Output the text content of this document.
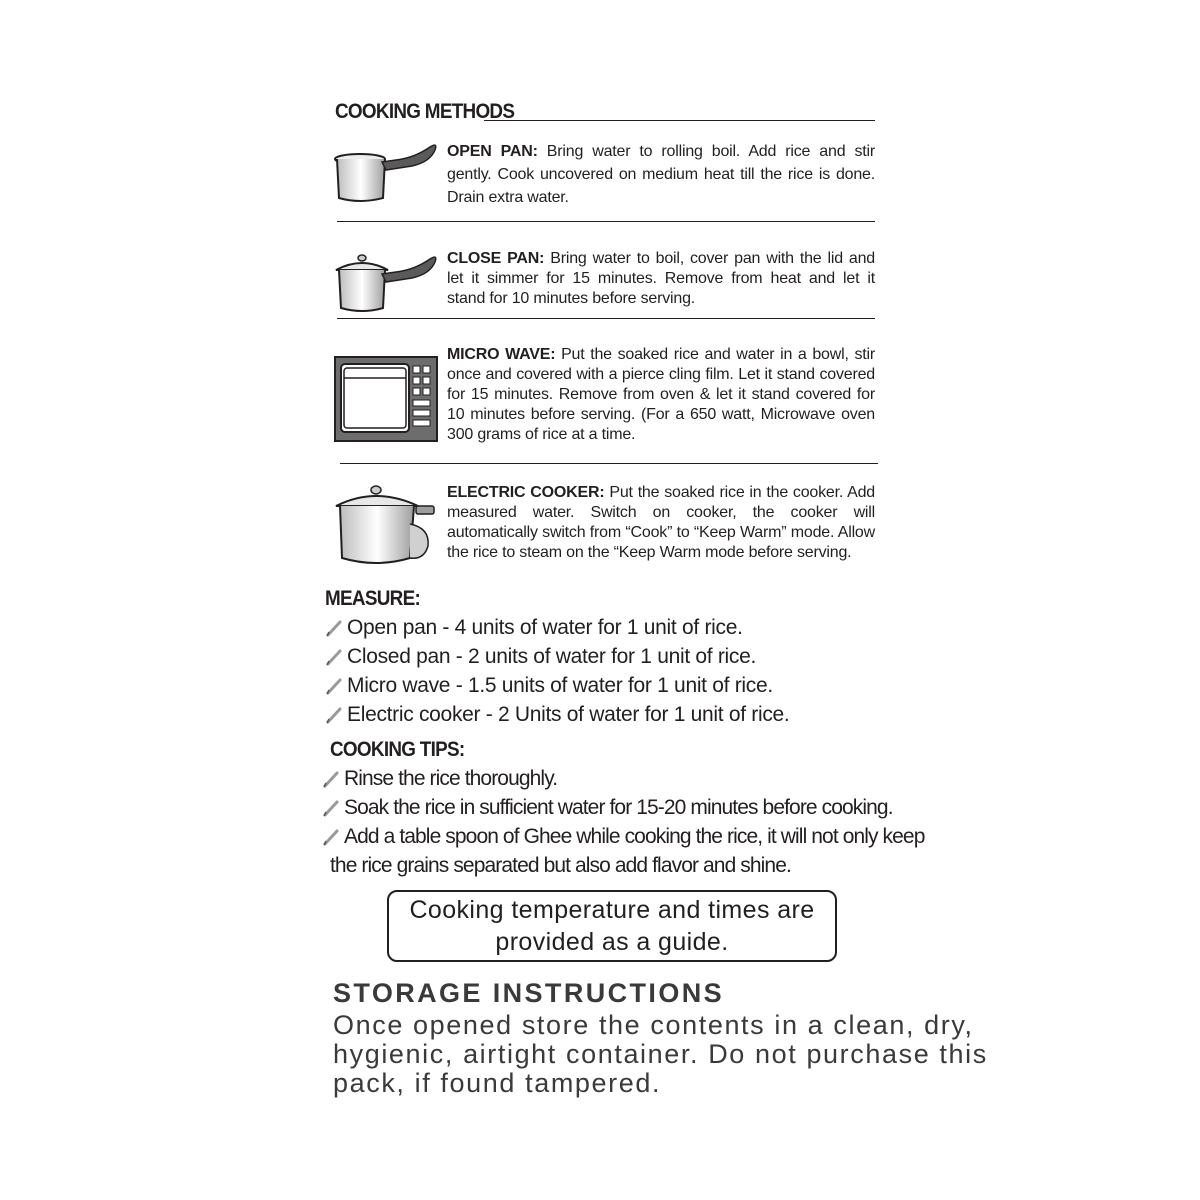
COOKING METHODS
OPEN PAN: Bring water to rolling boil. Add rice and stir gently. Cook uncovered on medium heat till the rice is done. Drain extra water.
CLOSE PAN: Bring water to boil, cover pan with the lid and let it simmer for 15 minutes. Remove from heat and let it stand for 10 minutes before serving.
MICRO WAVE: Put the soaked rice and water in a bowl, stir once and covered with a pierce cling film. Let it stand covered for 15 minutes. Remove from oven & let it stand covered for 10 minutes before serving. (For a 650 watt, Microwave oven 300 grams of rice at a time.
ELECTRIC COOKER: Put the soaked rice in the cooker. Add measured water. Switch on cooker, the cooker will automatically switch from “Cook” to “Keep Warm” mode. Allow the rice to steam on the “Keep Warm mode before serving.
MEASURE:
Open pan - 4 units of water for 1 unit of rice.
Closed pan - 2 units of water for 1 unit of rice.
Micro wave - 1.5 units of water for 1 unit of rice.
Electric cooker - 2 Units of water for 1 unit of rice.
COOKING TIPS:
Rinse the rice thoroughly.
Soak the rice in sufficient water for 15-20 minutes before cooking.
Add a table spoon of Ghee while cooking the rice, it will not only keep
the rice grains separated but also add flavor and shine.
Cooking temperature and times are
provided as a guide.
STORAGE INSTRUCTIONS
Once opened store the contents in a clean, dry,
hygienic, airtight container. Do not purchase this
pack, if found tampered.
